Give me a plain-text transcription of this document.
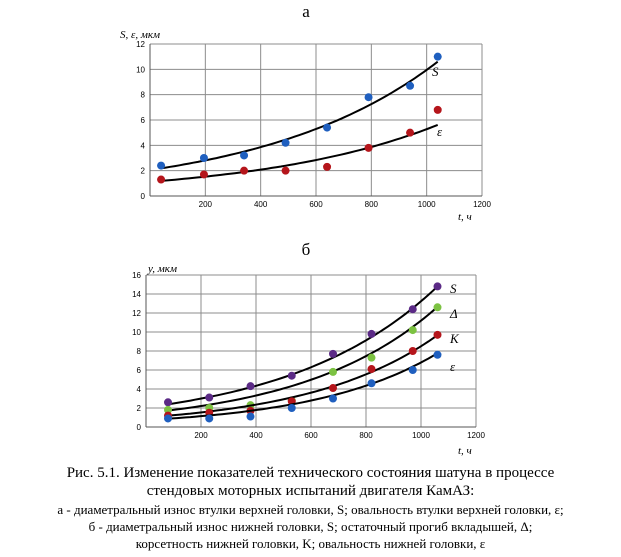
а
S, ε, мкм
t, ч
200	400	600	800	1000	1200
0
2
4
6
8
10
12
S
ε
б
y, мкм
t, ч
200	400	600	800	1000	1200
0
2
4
6
8
10
12
14
16
S
Δ
K
ε
Рис. 5.1. Изменение показателей технического состояния шатуна в процессе
стендовых моторных испытаний двигателя КамАЗ:
а - диаметральный износ втулки верхней головки, S; овальность втулки верхней головки, ε;
б - диаметральный износ нижней головки, S; остаточный прогиб вкладышей, Δ;
корсетность нижней головки, K; овальность нижней головки, ε
